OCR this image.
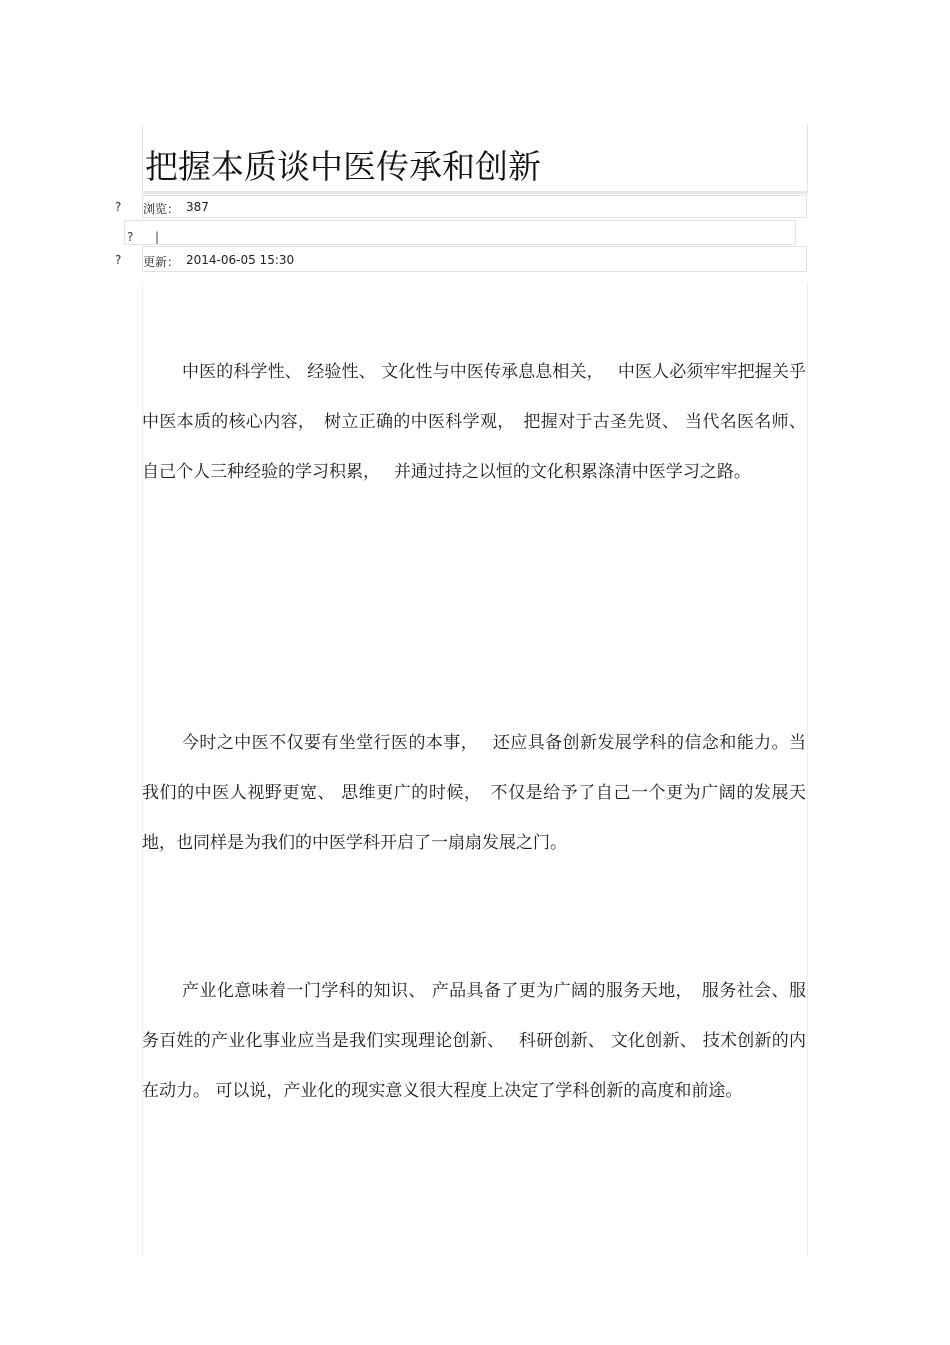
把握本质谈中医传承和创新
? 浏览： 387
? |
? 更新： 2014-06-05 15:30

中医的科学性、 经验性、 文化性与中医传承息息相关，　 中医人必须牢牢把握关乎中医本质的核心内容，　树立正确的中医科学观，　把握对于古圣先贤、 当代名医名师、自己个人三种经验的学习积累，　 并通过持之以恒的文化积累涤清中医学习之路。

今时之中医不仅要有坐堂行医的本事，　 还应具备创新发展学科的信念和能力。当我们的中医人视野更宽、 思维更广的时候，　不仅是给予了自己一个更为广阔的发展天地，也同样是为我们的中医学科开启了一扇扇发展之门。

产业化意味着一门学科的知识、 产品具备了更为广阔的服务天地，　服务社会、服务百姓的产业化事业应当是我们实现理论创新、　 科研创新、 文化创新、 技术创新的内在动力。 可以说，产业化的现实意义很大程度上决定了学科创新的高度和前途。
